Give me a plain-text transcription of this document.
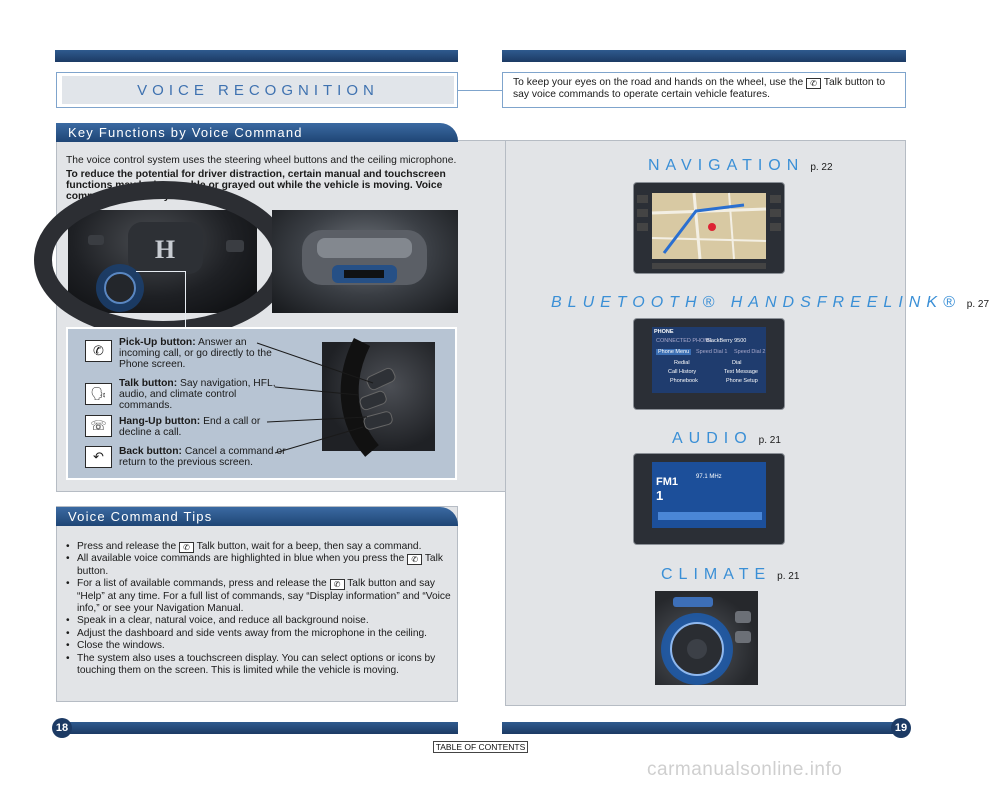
VOICE RECOGNITION	To keep your eyes on the road and hands on the wheel, use the ✆ Talk button to say voice commands to operate certain vehicle features.
Key Functions by Voice Command
Voice Command Tips

The voice control system uses the steering wheel buttons and the ceiling microphone.

To reduce the potential for driver distraction, certain manual and touchscreen functions may be inoperable or grayed out while the vehicle is moving. Voice commands are always available.

H
✆
Pick-Up button: Answer an incoming call, or go directly to the Phone screen.
🗣
Talk button: Say navigation, HFL, audio, and climate control commands.
☏	Hang-Up button: End a call or decline a call.
↶	Back button: Cancel a command or return to the previous screen.
• Press and release the ✆ Talk button, wait for a beep, then say a command.
• All available voice commands are highlighted in blue when you press the ✆ Talk button.
• For a list of available commands, press and release the ✆ Talk button and say “Help” at any time. For a full list of commands, say “Display information” and “Voice info,” or see your Navigation Manual.
• Speak in a clear, natural voice, and reduce all background noise.
• Adjust the dashboard and side vents away from the microphone in the ceiling.
• Close the windows.
• The system also uses a touchscreen display. You can select options or icons by touching them on the screen. This is limited while the vehicle is moving.
NAVIGATION p. 22
BLUETOOTH® HANDSFREELINK® p. 27
PHONE
CONNECTED PHONE
BlackBerry 9500
Phone Menu	Speed Dial 1 Speed Dial 2
Redial	Dial
Call History	Text Message
Phonebook	Phone Setup
AUDIO p. 21
FM1
1
97.1 MHz
CLIMATE p. 21
18	19
TABLE OF CONTENTS
carmanualsonline.info
